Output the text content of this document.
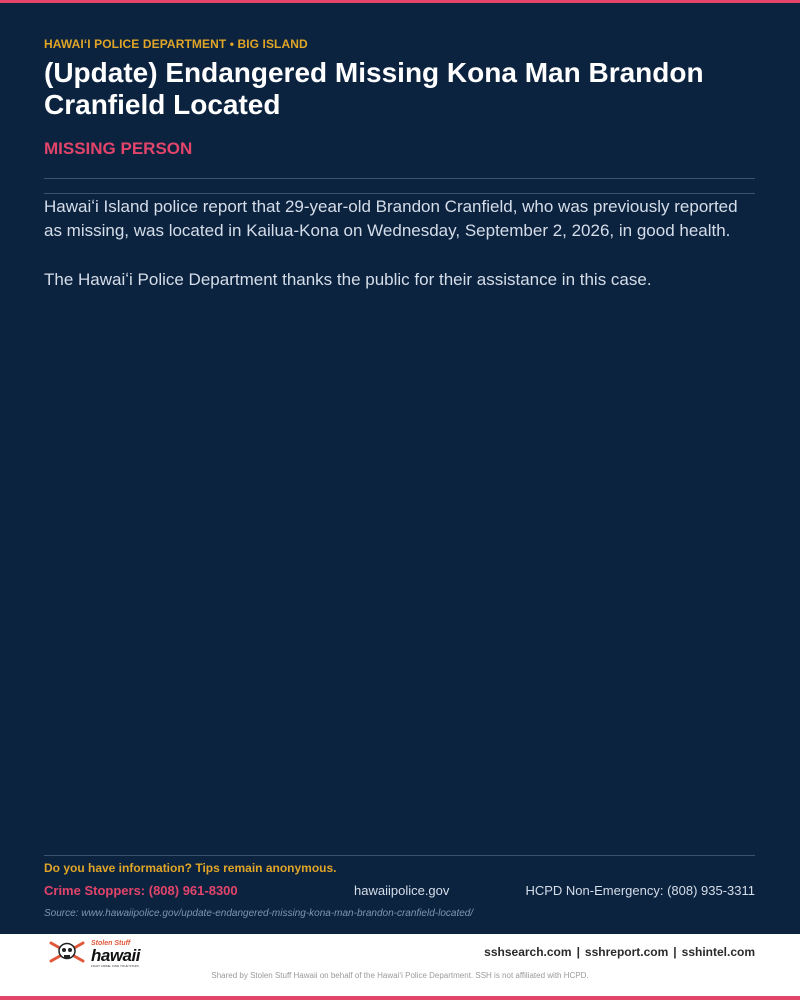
HAWAIʻI POLICE DEPARTMENT • BIG ISLAND
(Update) Endangered Missing Kona Man Brandon Cranfield Located
MISSING PERSON

Hawaiʻi Island police report that 29-year-old Brandon Cranfield, who was previously reported as missing, was located in Kailua-Kona on Wednesday, September 2, 2026, in good health.

The Hawaiʻi Police Department thanks the public for their assistance in this case.

Do you have information? Tips remain anonymous.
Crime Stoppers: (808) 961-8300	hawaiipolice.gov	HCPD Non-Emergency: (808) 935-3311
Source: www.hawaiipolice.gov/update-endangered-missing-kona-man-brandon-cranfield-located/
Stolen Stuff
hawaii
FIGHT CRIME. FIND YOUR STUFF.
sshsearch.com | sshreport.com | sshintel.com
Shared by Stolen Stuff Hawaii on behalf of the Hawaiʻi Police Department. SSH is not affiliated with HCPD.
